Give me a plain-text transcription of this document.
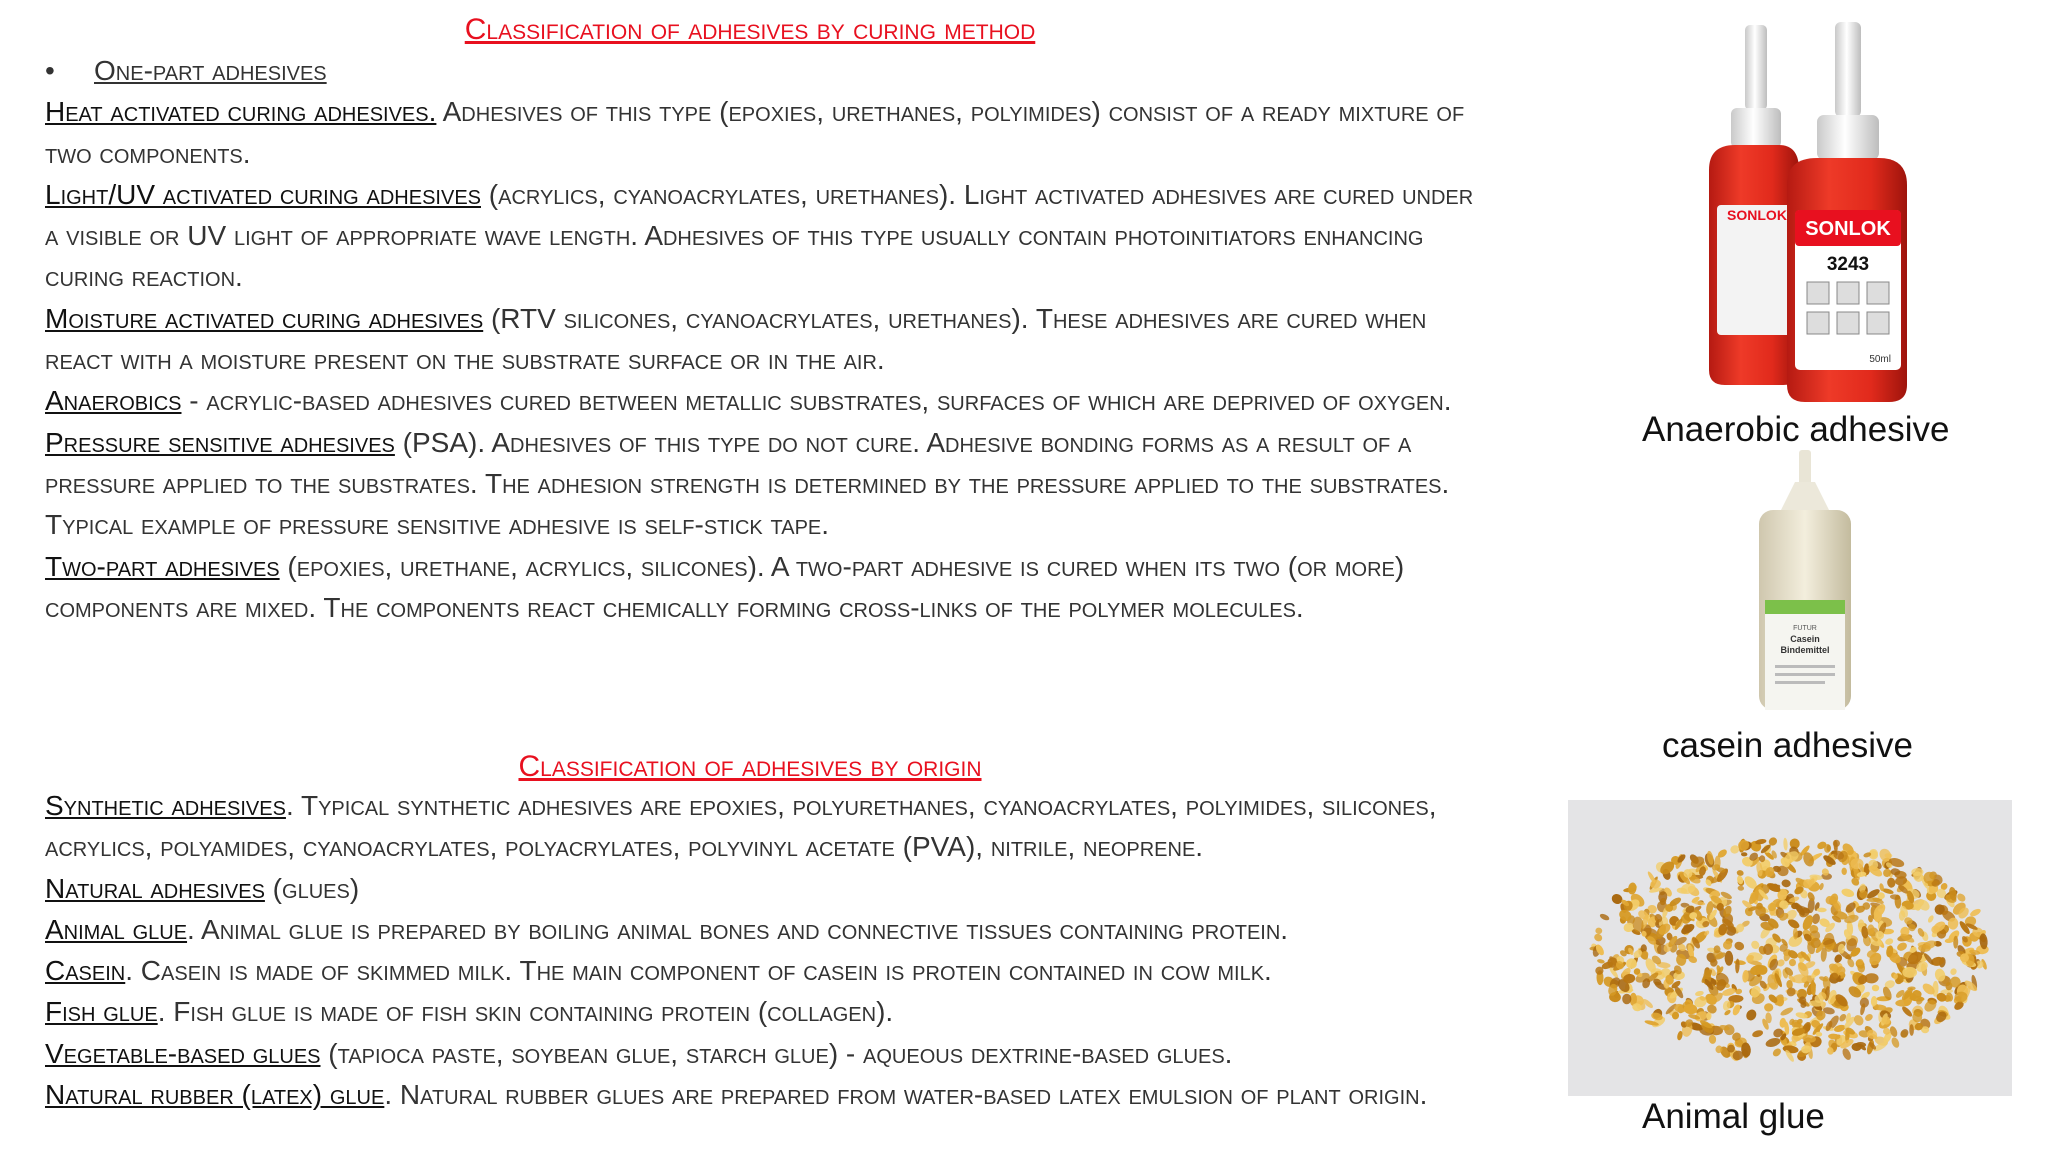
Classification of adhesives by curing method
•	One-part adhesives

Heat activated curing adhesives. Adhesives of this type (epoxies, urethanes, polyimides) consist of a ready mixture of two components.

Light/UV activated curing adhesives (acrylics, cyanoacrylates, urethanes). Light activated adhesives are cured under a visible or UV light of appropriate wave length. Adhesives of this type usually contain photoinitiators enhancing curing reaction.

Moisture activated curing adhesives (RTV silicones, cyanoacrylates, urethanes). These adhesives are cured when react with a moisture present on the substrate surface or in the air.

Anaerobics - acrylic-based adhesives cured between metallic substrates, surfaces of which are deprived of oxygen.

Pressure sensitive adhesives (PSA). Adhesives of this type do not cure. Adhesive bonding forms as a result of a pressure applied to the substrates. The adhesion strength is determined by the pressure applied to the substrates. Typical example of pressure sensitive adhesive is self-stick tape.

Two-part adhesives (epoxies, urethane, acrylics, silicones). A two-part adhesive is cured when its two (or more) components are mixed. The components react chemically forming cross-links of the polymer molecules.

Classification of adhesives by origin

Synthetic adhesives. Typical synthetic adhesives are epoxies, polyurethanes, cyanoacrylates, polyimides, silicones, acrylics, polyamides, cyanoacrylates, polyacrylates, polyvinyl acetate (PVA), nitrile, neoprene.

Natural adhesives (glues)

Animal glue. Animal glue is prepared by boiling animal bones and connective tissues containing protein.

Casein. Casein is made of skimmed milk. The main component of casein is protein contained in cow milk.

Fish glue. Fish glue is made of fish skin containing protein (collagen).

Vegetable-based glues (tapioca paste, soybean glue, starch glue) - aqueous dextrine-based glues.

Natural rubber (latex) glue. Natural rubber glues are prepared from water-based latex emulsion of plant origin.

SONLOK
SONLOK
3243
50ml
Anaerobic adhesive
FUTUR
Casein
Bindemittel
casein adhesive
Animal glue
